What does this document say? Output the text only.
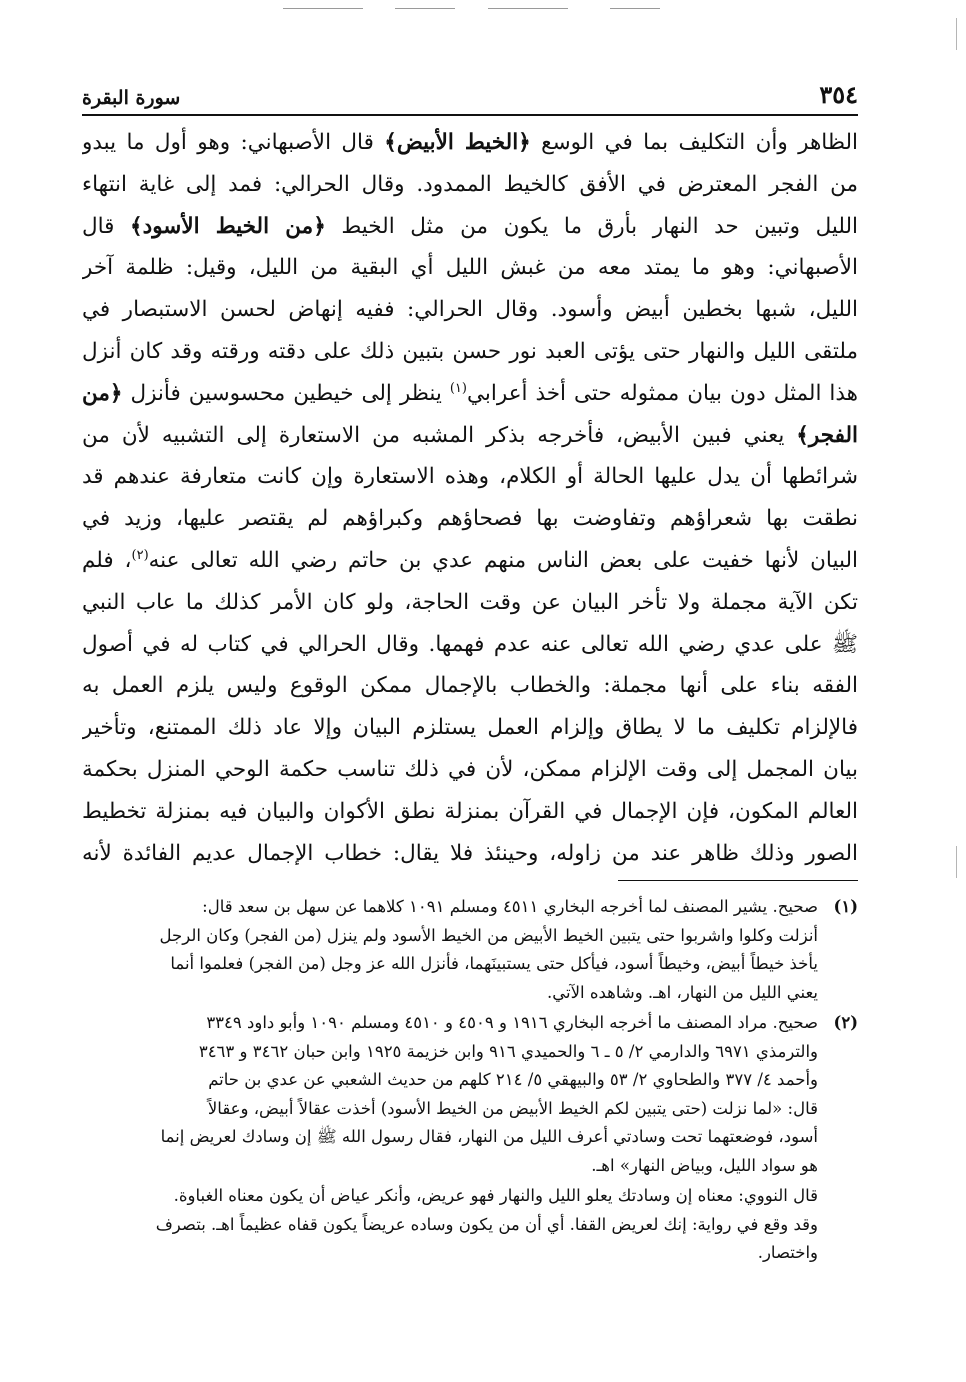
٣٥٤
سورة البقرة
الظاهر وأن التكليف بما في الوسع ﴿الخيط الأبيض﴾ قال الأصبهاني: وهو أول ما يبدو
من الفجر المعترض في الأفق كالخيط الممدود. وقال الحرالي: فمد إلى غاية انتهاء
الليل وتبين حد النهار بأرق ما يكون من مثل الخيط ﴿من الخيط الأسود﴾ قال
الأصبهاني: وهو ما يمتد معه من غبش الليل أي البقية من الليل، وقيل: ظلمة آخر
الليل، شبها بخطين أبيض وأسود. وقال الحرالي: ففيه إنهاض لحسن الاستبصار في
ملتقى الليل والنهار حتى يؤتى العبد نور حسن بتبين ذلك على دقته ورقته وقد كان أنزل
هذا المثل دون بيان ممثوله حتى أخذ أعرابي$^{(١)}$ ينظر إلى خيطين محسوسين فأنزل ﴿من
الفجر﴾ يعني فبين الأبيض، فأخرجه بذكر المشبه من الاستعارة إلى التشبيه لأن من
شرائطها أن يدل عليها الحالة أو الكلام، وهذه الاستعارة وإن كانت متعارفة عندهم قد
نطقت بها شعراؤهم وتفاوضت بها فصحاؤهم وكبراؤهم لم يقتصر عليها، وزيد في
البيان لأنها خفيت على بعض الناس منهم عدي بن حاتم رضي الله تعالى عنه$^{(٢)}$، فلم
تكن الآية مجملة ولا تأخر البيان عن وقت الحاجة، ولو كان الأمر كذلك ما عاب النبي
ﷺ على عدي رضي الله تعالى عنه عدم فهمها. وقال الحرالي في كتاب له في أصول
الفقه بناء على أنها مجملة: والخطاب بالإجمال ممكن الوقوع وليس يلزم العمل به
فالإلزام تكليف ما لا يطاق وإلزام العمل يستلزم البيان وإلا عاد ذلك الممتنع، وتأخير
بيان المجمل إلى وقت الإلزام ممكن، لأن في ذلك تناسب حكمة الوحي المنزل بحكمة
العالم المكون، فإن الإجمال في القرآن بمنزلة نطق الأكوان والبيان فيه بمنزلة تخطيط
الصور وذلك ظاهر عند من زاوله، وحينئذ فلا يقال: خطاب الإجمال عديم الفائدة لأنه
(١)
صحيح. يشير المصنف لما أخرجه البخاري ٤٥١١ ومسلم ١٠٩١ كلاهما عن سهل بن سعد قال:
أنزلت وكلوا واشربوا حتى يتبين الخيط الأبيض من الخيط الأسود ولم ينزل (من الفجر) وكان الرجل
يأخذ خيطاً أبيض، وخيطاً أسود، فيأكل حتى يستبينَهما، فأنزل الله عز وجل (من الفجر) فعلموا أنما
يعني الليل من النهار، اهـ. وشاهده الآتي.
(٢)
صحيح. مراد المصنف ما أخرجه البخاري ١٩١٦ و ٤٥٠٩ و ٤٥١٠ ومسلم ١٠٩٠ وأبو داود ٣٣٤٩
والترمذي ٦٩٧١ والدارمي ٢/ ٥ ـ ٦ والحميدي ٩١٦ وابن خزيمة ١٩٢٥ وابن حبان ٣٤٦٢ و ٣٤٦٣
وأحمد ٤/ ٣٧٧ والطحاوي ٢/ ٥٣ والبيهقي ٥/ ٢١٤ كلهم من حديث الشعبي عن عدي بن حاتم
قال: «لما نزلت (حتى يتبين لكم الخيط الأبيض من الخيط الأسود) أخذت عقالاً أبيض، وعقالاً
أسود، فوضعتهما تحت وسادتي أعرف الليل من النهار، فقال رسول الله ﷺ إن وسادك لعريض إنما
هو سواد الليل، وبياض النهار» اهـ.
قال النووي: معناه إن وسادتك يعلو الليل والنهار فهو عريض، وأنكر عياض أن يكون معناه الغباوة.
وقد وقع في رواية: إنك لعريض القفا. أي أن من يكون وساده عريضاً يكون قفاه عظيماً اهـ. بتصرف
واختصار.
